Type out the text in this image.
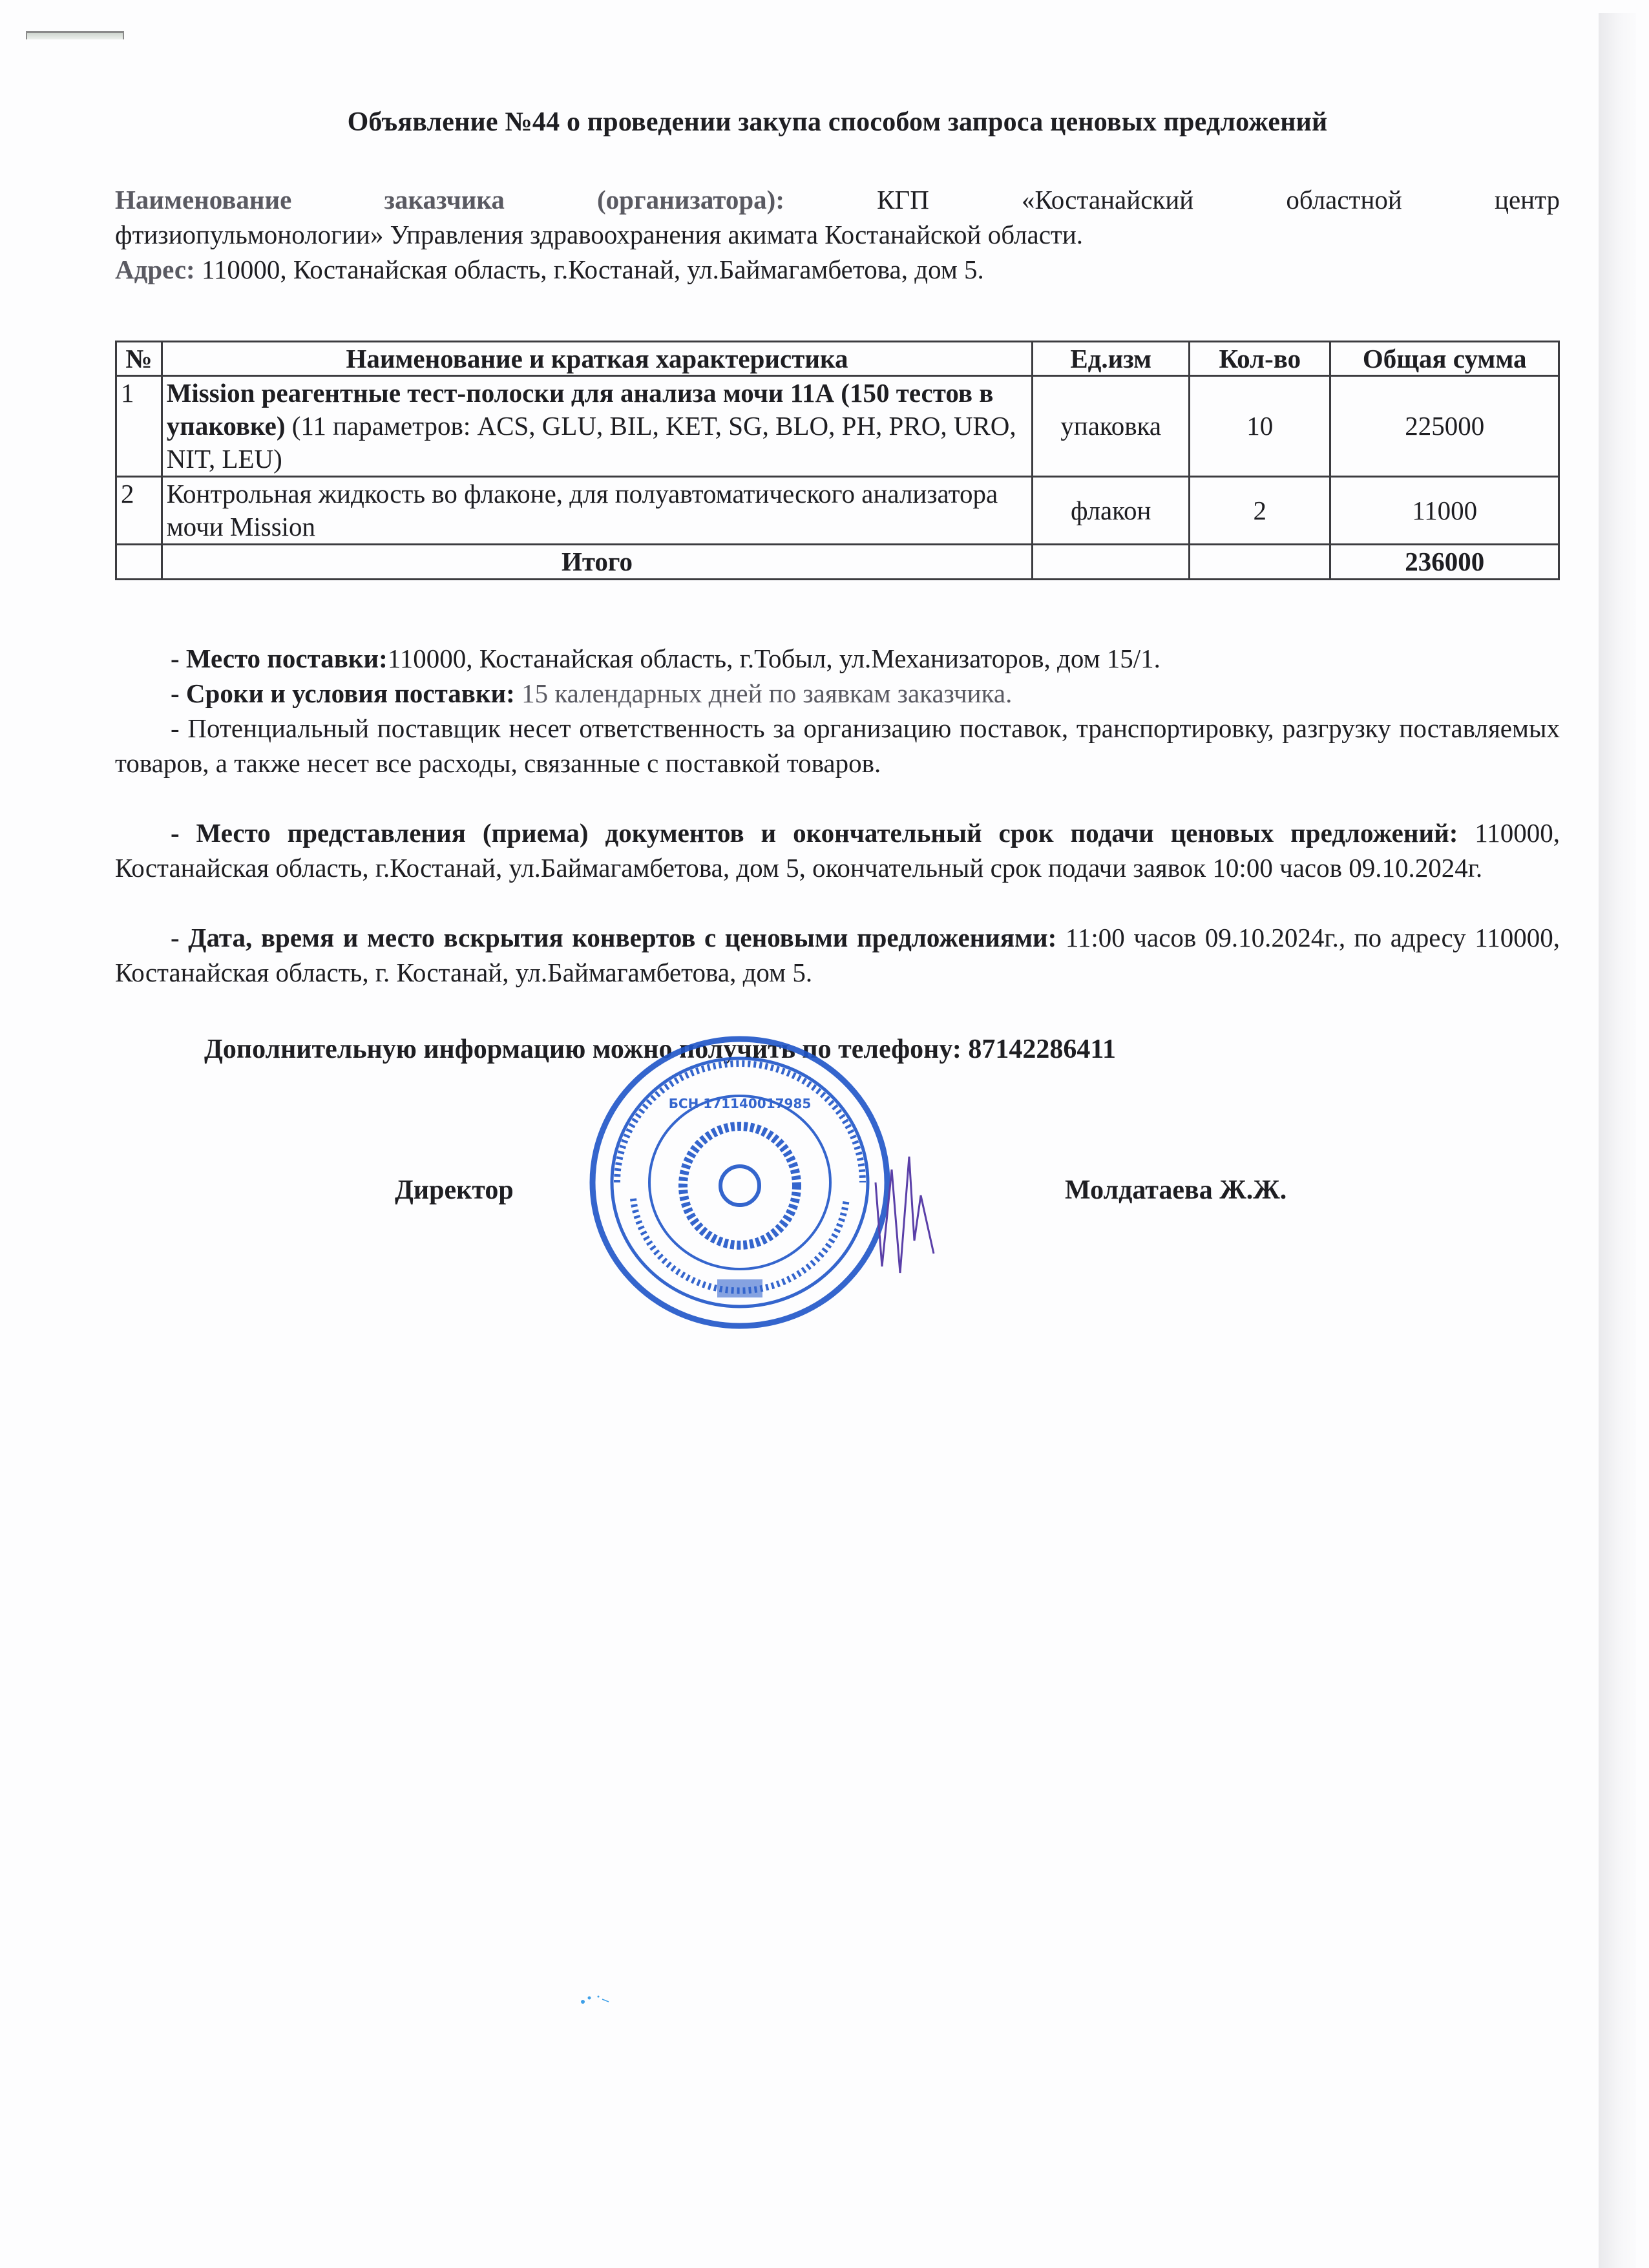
Объявление №44 о проведении закупа способом запроса ценовых предложений
Наименование заказчика (организатора):	КГП «Костанайский областной центр
фтизиопульмонологии» Управления здравоохранения акимата Костанайской области.
Адрес: 110000, Костанайская область, г.Костанай, ул.Баймагамбетова, дом 5.
№	Наименование и краткая характеристика	Ед.изм	Кол-во	Общая сумма
1	Mission реагентные тест-полоски для анализа мочи 11А (150 тестов в упаковке) (11 параметров: ACS, GLU, BIL, KET, SG, BLO, PH, PRO, URO, NIT, LEU)	упаковка	10	225000
2	Контрольная жидкость во флаконе, для полуавтоматического анализатора мочи Mission	флакон	2	11000
	Итого			236000
- Место поставки:110000, Костанайская область, г.Тобыл, ул.Механизаторов, дом 15/1.
- Сроки и условия поставки: 15 календарных дней по заявкам заказчика.
- Потенциальный поставщик несет ответственность за организацию поставок, транспортировку, разгрузку поставляемых товаров, а также несет все расходы, связанные с поставкой товаров.
- Место представления (приема) документов и окончательный срок подачи ценовых предложений: 110000, Костанайская область, г.Костанай, ул.Баймагамбетова, дом 5, окончательный срок подачи заявок 10:00 часов 09.10.2024г.
- Дата, время и место вскрытия конвертов с ценовыми предложениями: 11:00 часов 09.10.2024г., по адресу 110000, Костанайская область, г. Костанай, ул.Баймагамбетова, дом 5.
Дополнительную информацию можно получить по телефону: 87142286411
Директор	Молдатаева Ж.Ж.
БСН 171140017985
